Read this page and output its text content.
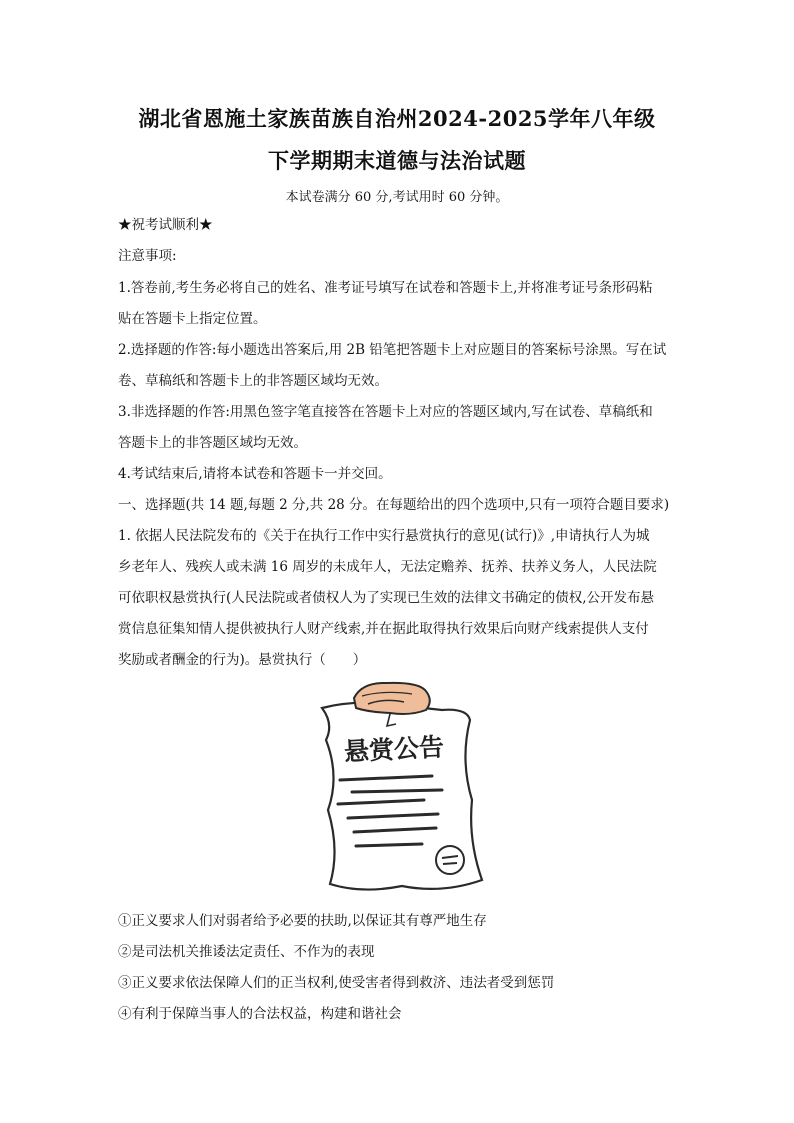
湖北省恩施土家族苗族自治州2024-2025学年八年级
下学期期末道德与法治试题
本试卷满分 60 分,考试用时 60 分钟。
★祝考试顺利★
注意事项:
1.答卷前,考生务必将自己的姓名、准考证号填写在试卷和答题卡上,并将准考证号条形码粘
贴在答题卡上指定位置。
2.选择题的作答:每小题选出答案后,用 2B 铅笔把答题卡上对应题目的答案标号涂黑。写在试
卷、草稿纸和答题卡上的非答题区域均无效。
3.非选择题的作答:用黑色签字笔直接答在答题卡上对应的答题区域内,写在试卷、草稿纸和
答题卡上的非答题区域均无效。
4.考试结束后,请将本试卷和答题卡一并交回。
一、选择题(共 14 题,每题 2 分,共 28 分。在每题给出的四个选项中,只有一项符合题目要求)
1. 依据人民法院发布的《关于在执行工作中实行悬赏执行的意见(试行)》,申请执行人为城
乡老年人、残疾人或未满 16 周岁的未成年人，无法定赡养、抚养、扶养义务人，人民法院
可依职权悬赏执行(人民法院或者债权人为了实现已生效的法律文书确定的债权,公开发布悬
赏信息征集知情人提供被执行人财产线索,并在据此取得执行效果后向财产线索提供人支付
奖励或者酬金的行为)。悬赏执行（　　）
悬赏公告
①正义要求人们对弱者给予必要的扶助,以保证其有尊严地生存
②是司法机关推诿法定责任、不作为的表现
③正义要求依法保障人们的正当权利,使受害者得到救济、违法者受到惩罚
④有利于保障当事人的合法权益，构建和谐社会
